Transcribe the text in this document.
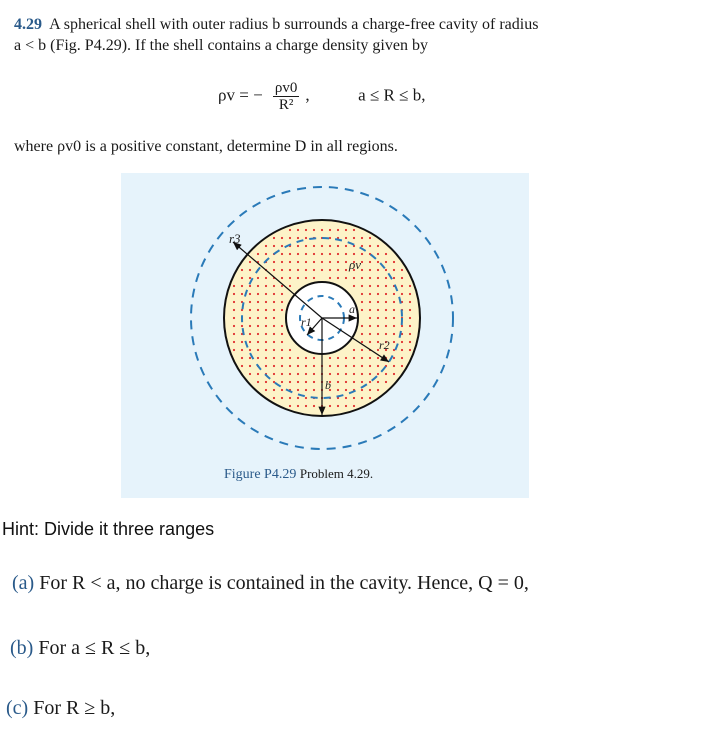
4.29 A spherical shell with outer radius b surrounds a charge-free cavity of radius
a < b (Fig. P4.29). If the shell contains a charge density given by
ρv = − $\frac{\rho v0}{\text{R²}}$ ,	a ≤ R ≤ b,
where ρv0 is a positive constant, determine D in all regions.
r3
a
r1
r2
b
ρv
Figure P4.29 Problem 4.29.
Hint: Divide it three ranges
(a) For R < a, no charge is contained in the cavity. Hence, Q = 0,
(b) For a ≤ R ≤ b,
(c) For R ≥ b,
